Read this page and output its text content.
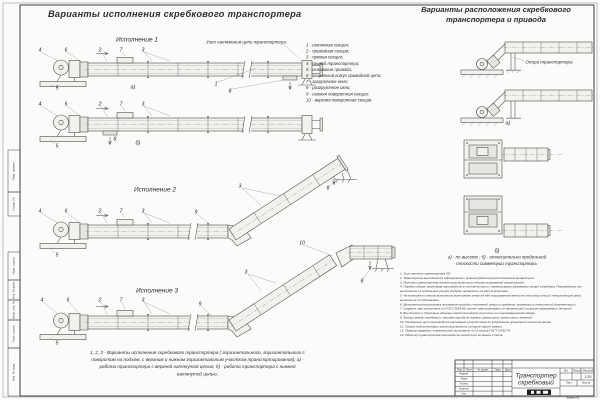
Варианты исполнения скребкового транспортера	Варианты расположения скребкового
транспортера и привода
Исполнение 1
Исполнение 2
Исполнение 3
Узел натяжения цепи транспортера
Опора транспортера
а)
б)
а)
б)
1 - натяжная секция;
2 - приводная секция;
3 - прямая секция;
4 - привод транспортера;
5 - основание привода;
6 - защитный кожух приводной цепи;
7 - загрузочное окно;
8 - разгрузочное окно;
9 - нижняя поворотная секция;
10 - верхняя поворотная секция.
1, 2, 3 - Варианты исполнения скребкового транспортера ( горизонтального, горизонтального с
поворотом на подъем, с верхним и нижним горизонтальным участком транспортирования); а) -
работа транспортера с верхней натянутой цепью; б) - работа транспортера с нижней
натянутой цепью.
а) - по высоте ; б) - относительно продольной
плоскости симметрии транспортера.
1. Угол наклона транспортера 30°.
2. Транспортер выполняется обращенным с нижним (рабочим) расположением ветвей цепи.
3. Монтаж транспортера должен производиться специализированной организацией.
4. Порядок сборки (монтажа) производить в соответствии с перевозимыми размерами секций конвейера. Переработку или выполнение из отдельных секций следует проводить на месте монтажа.
5. На монтаже по месту выполнить монтажную резку на обе торцованные ветви на оба конца секций; непроходящие ряды выполнить по обстановке.
6. Допускается регулировка положения привода и натяжной секции в пределах, указанных в технической документации.
7. Сварные швы выполнять по ГОСТ 5264-80; катет шва принимать по наименьшей толщине свариваемых деталей.
8. Все детали и сборочные единицы перед монтажом очистить от консервационной смазки.
9. Зазоры между скребками и днищем короба не должны превышать допустимых значений.
10. Натяжение цепи производить натяжным устройством до устранения провисания холостой ветви.
11. Смазку подшипниковых узлов производить согласно карте смазки.
12. Окраску наружных поверхностей выполнять по VI классу ГОСТ 9.032-74.
13. Обкатку транспортера производить вхолостую не менее 2 часов.
4 6	2 7 3
5
1
8
4 6	2 7 3
5
8
4 6	2 7 3
5
9
3	8
4 6	2 7 3
5
9
3
10
8
Перв. примен.
Справ. №
Подп. и дата
Инв. № дубл.
Взам. инв. №
Подп. и дата
Инв. № подл.	Изм. Лист № докум. Подп. Дата
Разраб.
Пров.
Т.контр.
Н.контр.
Утв.
Транспортер
скребковый
Лит. Масса Масштаб
1:20
Лист Листов
Формат А1
